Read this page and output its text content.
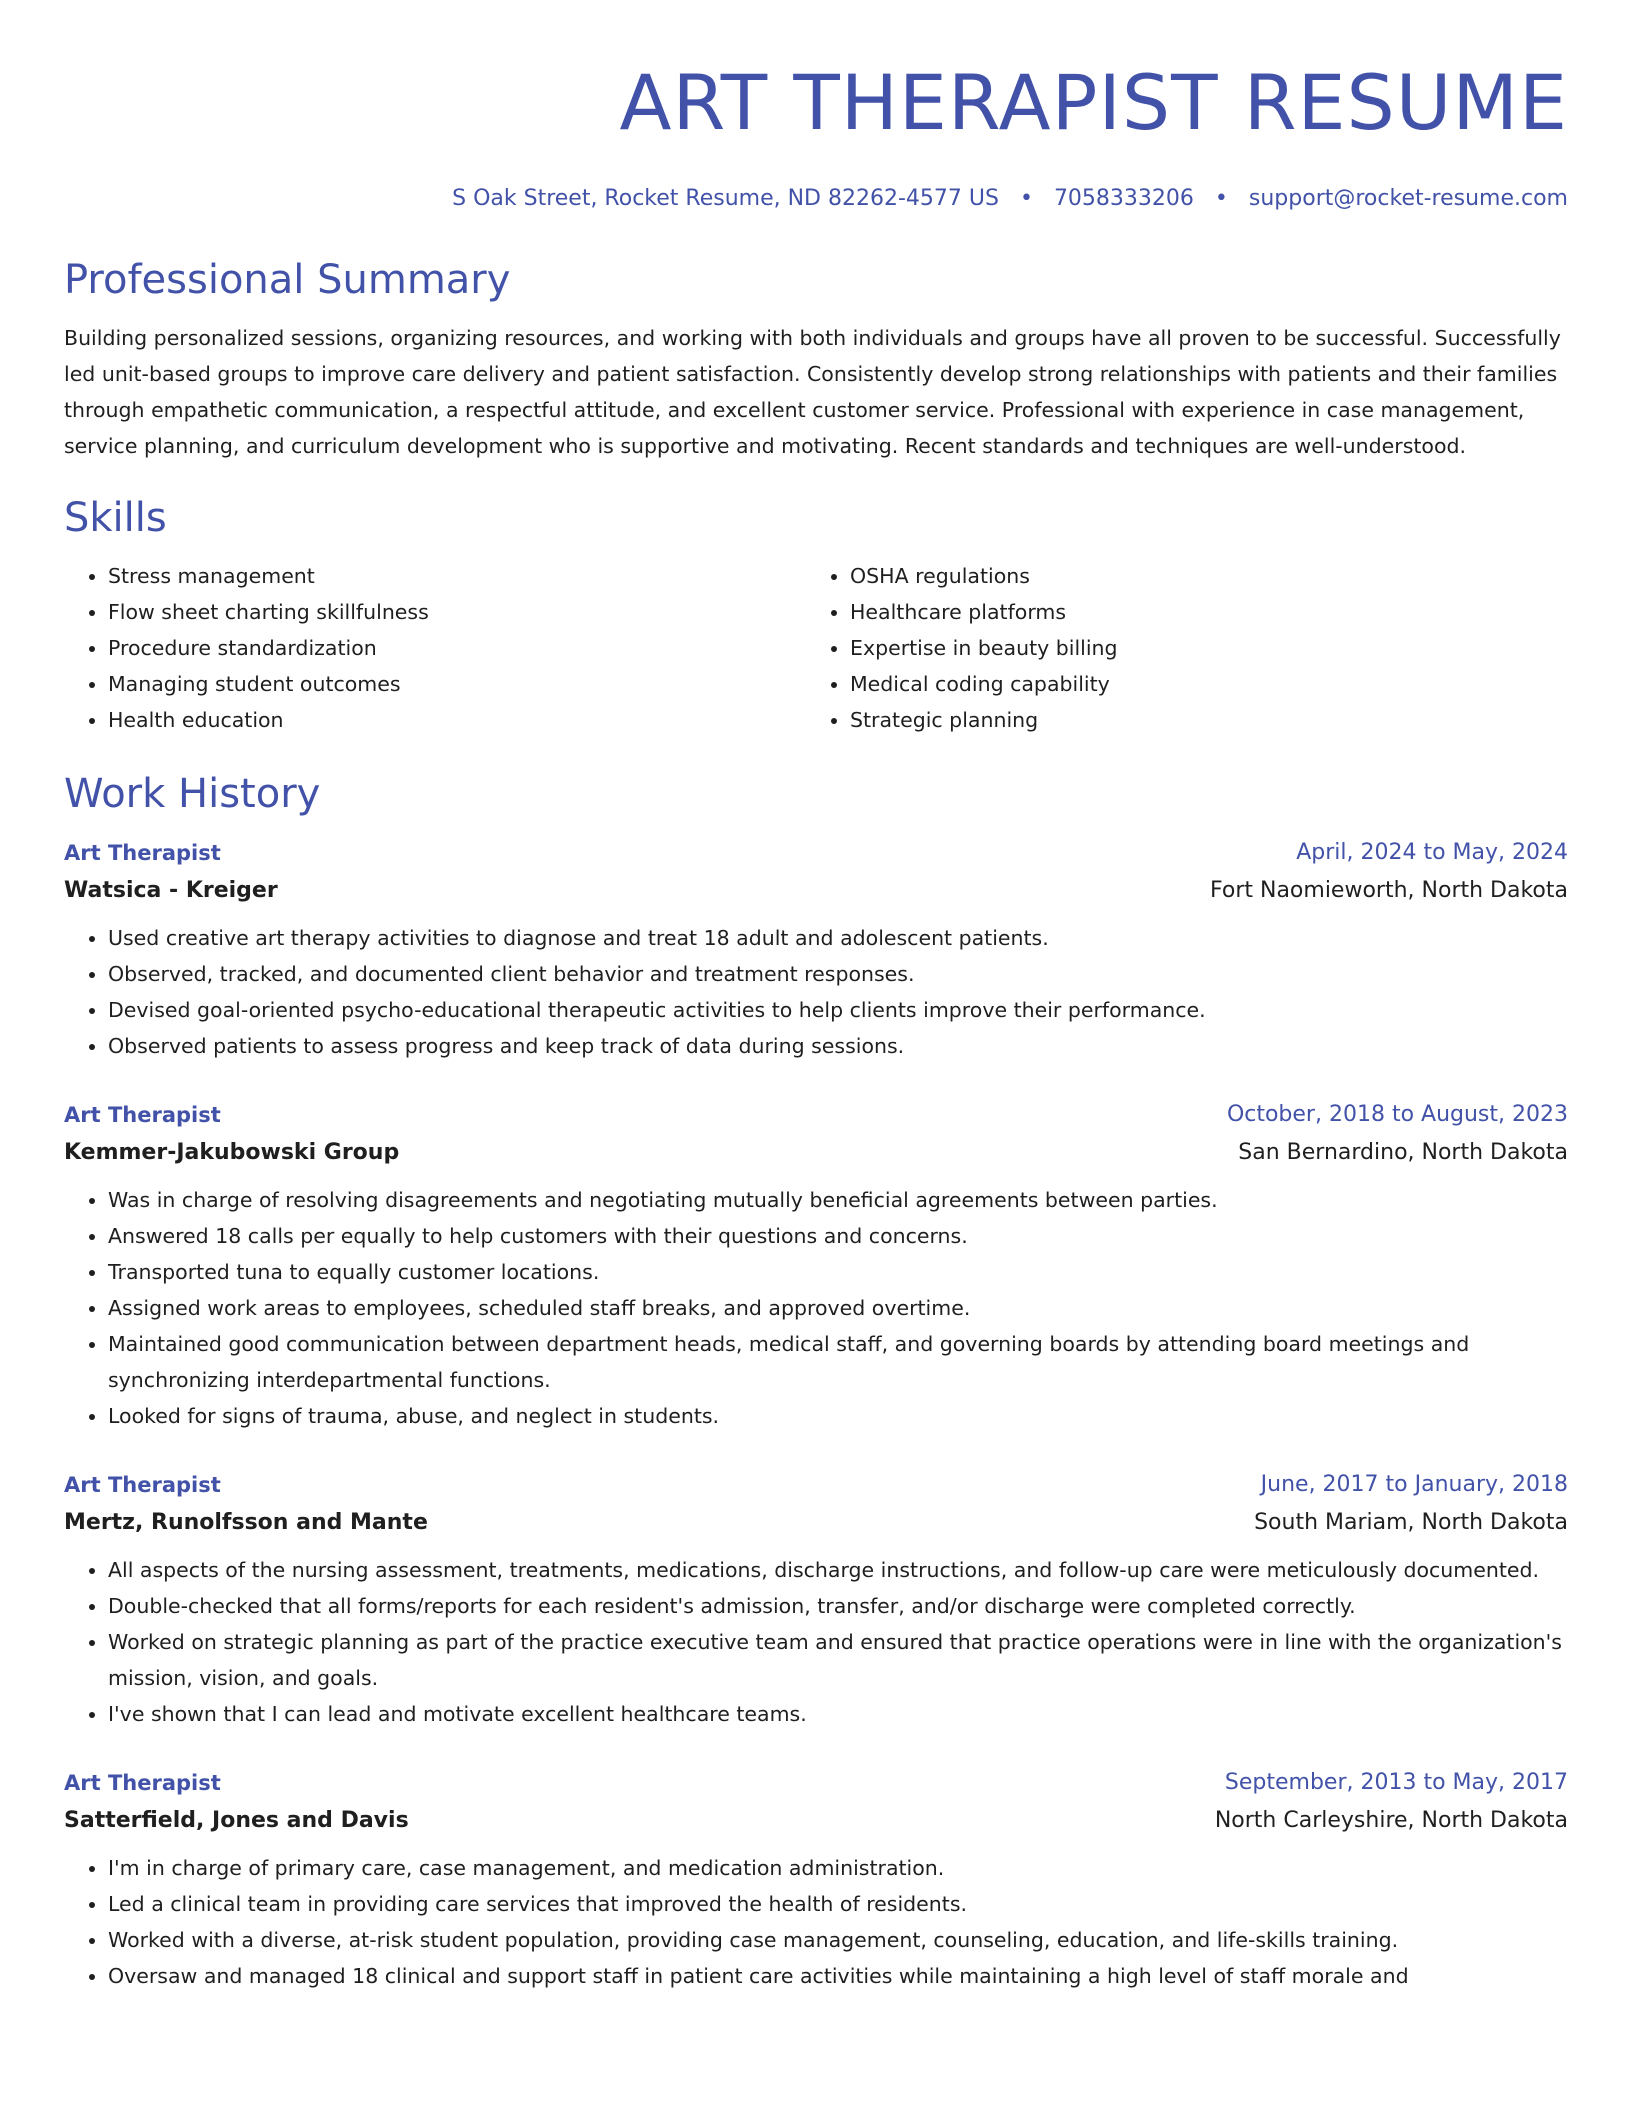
ART THERAPIST RESUME
S Oak Street, Rocket Resume, ND 82262-4577 US • 7058333206 • support@rocket-resume.com
Professional Summary
Building personalized sessions, organizing resources, and working with both individuals and groups have all proven to be successful. Successfully led unit-based groups to improve care delivery and patient satisfaction. Consistently develop strong relationships with patients and their families through empathetic communication, a respectful attitude, and excellent customer service. Professional with experience in case management, service planning, and curriculum development who is supportive and motivating. Recent standards and techniques are well-understood.
Skills
• Stress management
• Flow sheet charting skillfulness
• Procedure standardization
• Managing student outcomes
• Health education
• OSHA regulations
• Healthcare platforms
• Expertise in beauty billing
• Medical coding capability
• Strategic planning
Work History
Art Therapist	April, 2024 to May, 2024
Watsica - Kreiger	Fort Naomieworth, North Dakota
• Used creative art therapy activities to diagnose and treat 18 adult and adolescent patients.
• Observed, tracked, and documented client behavior and treatment responses.
• Devised goal-oriented psycho-educational therapeutic activities to help clients improve their performance.
• Observed patients to assess progress and keep track of data during sessions.
Art Therapist	October, 2018 to August, 2023
Kemmer-Jakubowski Group	San Bernardino, North Dakota
• Was in charge of resolving disagreements and negotiating mutually beneficial agreements between parties.
• Answered 18 calls per equally to help customers with their questions and concerns.
• Transported tuna to equally customer locations.
• Assigned work areas to employees, scheduled staff breaks, and approved overtime.
• Maintained good communication between department heads, medical staff, and governing boards by attending board meetings and synchronizing interdepartmental functions.
• Looked for signs of trauma, abuse, and neglect in students.
Art Therapist	June, 2017 to January, 2018
Mertz, Runolfsson and Mante	South Mariam, North Dakota
• All aspects of the nursing assessment, treatments, medications, discharge instructions, and follow-up care were meticulously documented.
• Double-checked that all forms/reports for each resident's admission, transfer, and/or discharge were completed correctly.
• Worked on strategic planning as part of the practice executive team and ensured that practice operations were in line with the organization's mission, vision, and goals.
• I've shown that I can lead and motivate excellent healthcare teams.
Art Therapist	September, 2013 to May, 2017
Satterfield, Jones and Davis	North Carleyshire, North Dakota
• I'm in charge of primary care, case management, and medication administration.
• Led a clinical team in providing care services that improved the health of residents.
• Worked with a diverse, at-risk student population, providing case management, counseling, education, and life-skills training.
• Oversaw and managed 18 clinical and support staff in patient care activities while maintaining a high level of staff morale and
